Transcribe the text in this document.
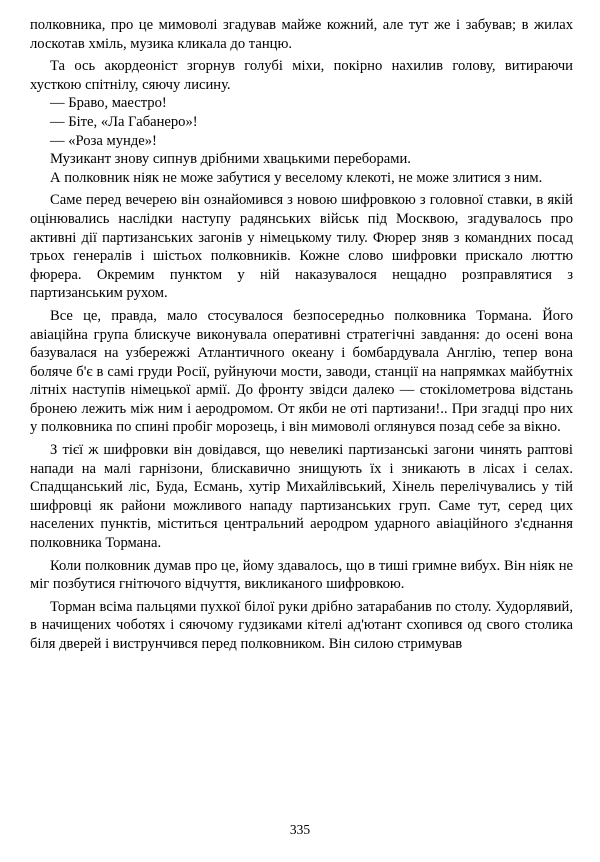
полковника, про це мимоволі згадував майже кожний, але тут же і забував; в жилах лоскотав хміль, музика кликала до танцю.

Та ось акордеоніст згорнув голубі міхи, покірно нахилив голову, витираючи хусткою спітнілу, сяючу лисину.

— Браво, маестро!

— Біте, «Ла Габанеро»!

— «Роза мунде»!

Музикант знову сипнув дрібними хвацькими переборами.

А полковник ніяк не може забутися у веселому клекоті, не може злитися з ним.

Саме перед вечерею він ознайомився з новою шифровкою з головної ставки, в якій оцінювались наслідки наступу радянських військ під Москвою, згадувалось про активні дії партизанських загонів у німецькому тилу. Фюрер зняв з командних посад трьох генералів і шістьох полковників. Кожне слово шифровки прискало люттю фюрера. Окремим пунктом у ній наказувалося нещадно розправлятися з партизанським рухом.

Все це, правда, мало стосувалося безпосередньо полковника Тормана. Його авіаційна група блискуче виконувала оперативні стратегічні завдання: до осені вона базувалася на узбережжі Атлантичного океану і бомбардувала Англію, тепер вона боляче б'є в самі груди Росії, руйнуючи мости, заводи, станції на напрямках майбутніх літніх наступів німецької армії. До фронту звідси далеко — стокілометрова відстань бронею лежить між ним і аеродромом. От якби не оті партизани!.. При згадці про них у полковника по спині пробіг морозець, і він мимоволі оглянувся позад себе за вікно.

З тієї ж шифровки він довідався, що невеликі партизанські загони чинять раптові напади на малі гарнізони, блискавично знищують їх і зникають в лісах і селах. Спадщанський ліс, Буда, Есмань, хутір Михайлівський, Хінель перелічувались у тій шифровці як райони можливого нападу партизанських груп. Саме тут, серед цих населених пунктів, міститься центральний аеродром ударного авіаційного з'єднання полковника Тормана.

Коли полковник думав про це, йому здавалось, що в тиші гримне вибух. Він ніяк не міг позбутися гнітючого відчуття, викликаного шифровкою.

Торман всіма пальцями пухкої білої руки дрібно затарабанив по столу. Худорлявий, в начищених чоботях і сяючому гудзиками кітелі ад'ютант схопився од свого столика біля дверей і виструнчився перед полковником. Він силою стримував

335
